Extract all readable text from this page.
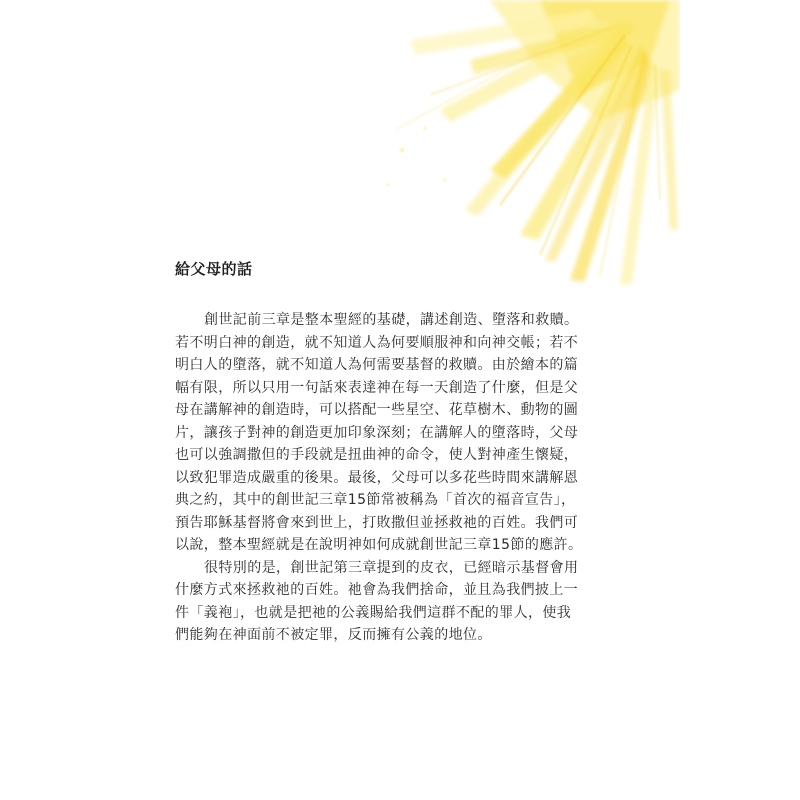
給父母的話
創世記前三章是整本聖經的基礎，講述創造、墮落和救贖。
若不明白神的創造，就不知道人為何要順服神和向神交帳；若不
明白人的墮落，就不知道人為何需要基督的救贖。由於繪本的篇
幅有限，所以只用一句話來表達神在每一天創造了什麼，但是父
母在講解神的創造時，可以搭配一些星空、花草樹木、動物的圖
片，讓孩子對神的創造更加印象深刻；在講解人的墮落時，父母
也可以強調撒但的手段就是扭曲神的命令，使人對神產生懷疑，
以致犯罪造成嚴重的後果。最後，父母可以多花些時間來講解恩
典之約，其中的創世記三章15節常被稱為「首次的福音宣告」，
預告耶穌基督將會來到世上，打敗撒但並拯救祂的百姓。我們可
以說，整本聖經就是在說明神如何成就創世記三章15節的應許。
很特別的是，創世記第三章提到的皮衣，已經暗示基督會用
什麼方式來拯救祂的百姓。祂會為我們捨命，並且為我們披上一
件「義袍」，也就是把祂的公義賜給我們這群不配的罪人，使我
們能夠在神面前不被定罪，反而擁有公義的地位。
